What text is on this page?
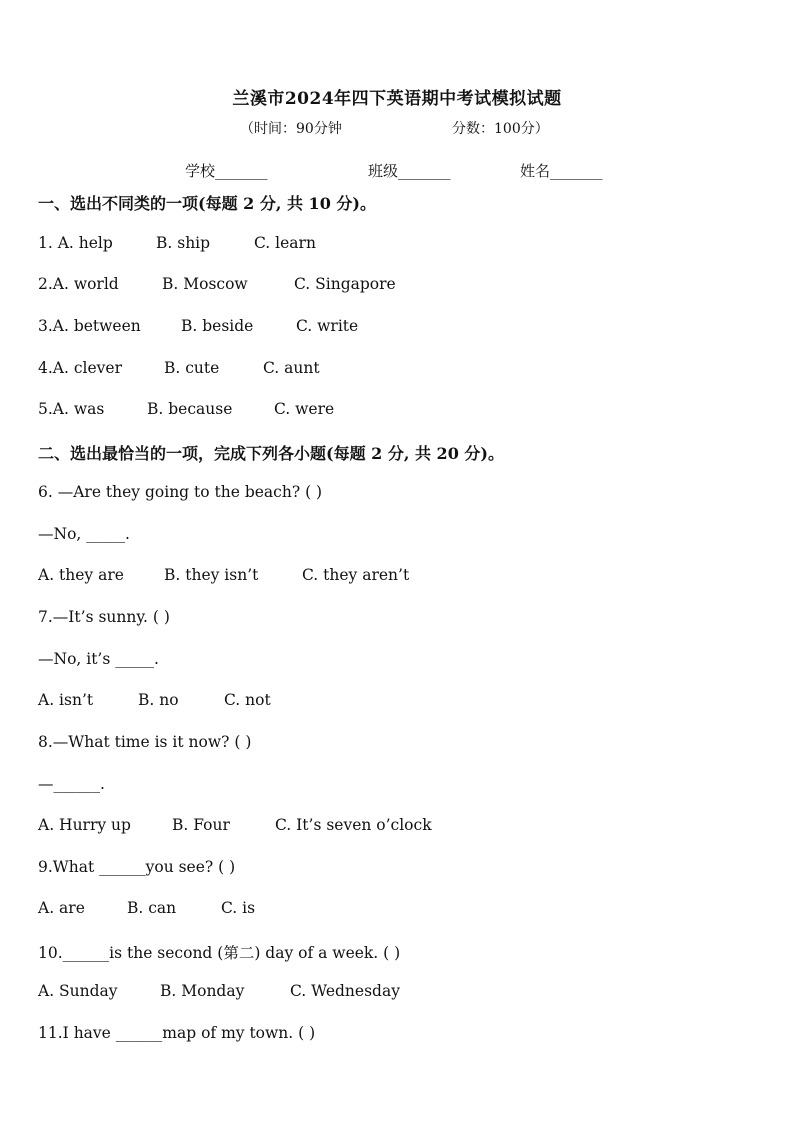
兰溪市2024年四下英语期中考试模拟试题
（时间：90分钟	分数：100分）
学校_______	班级_______	姓名_______
一、选出不同类的一项(每题 2 分, 共 10 分)。
1. A. help	B. ship	C. learn
2.A. world	B. Moscow	C. Singapore
3.A. between	B. beside	C. write
4.A. clever	B. cute	C. aunt
5.A. was	B. because	C. were
二、选出最恰当的一项，完成下列各小题(每题 2 分, 共 20 分)。
6. —Are they going to the beach? ( )
—No, _____.
A. they are	B. they isn’t	C. they aren’t
7.—It’s sunny. ( )
—No, it’s _____.
A. isn’t	B. no	C. not
8.—What time is it now? ( )
—______.
A. Hurry up	B. Four	C. It’s seven o’clock
9.What ______you see? ( )
A. are	B. can	C. is
10.______is the second (第二) day of a week. ( )
A. Sunday	B. Monday	C. Wednesday
11.I have ______map of my town. ( )
